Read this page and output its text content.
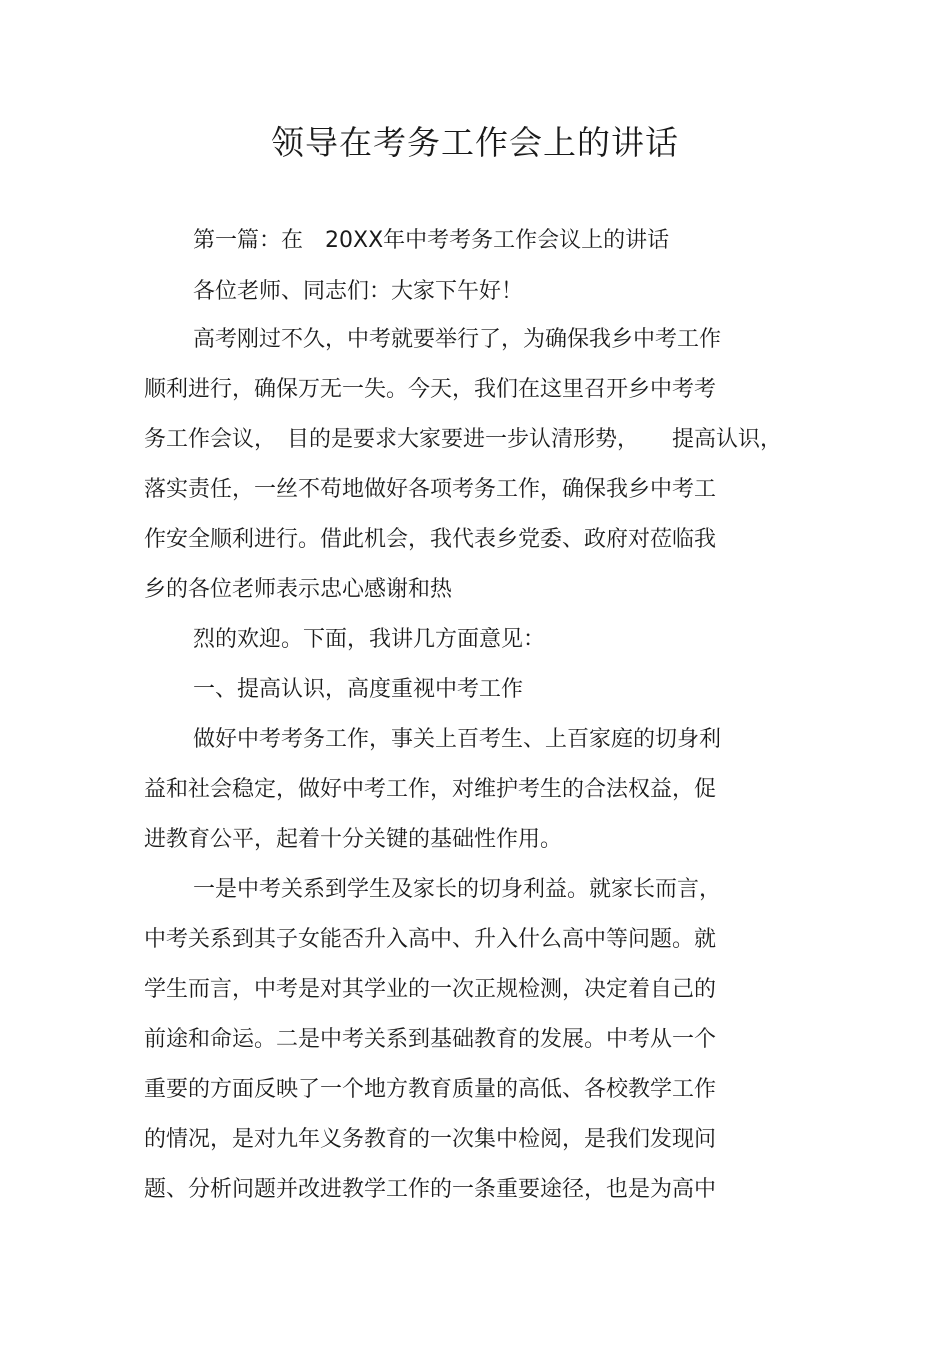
领导在考务工作会上的讲话
第一篇：在　20XX年中考考务工作会议上的讲话
各位老师、同志们：大家下午好！
高考刚过不久，中考就要举行了，为确保我乡中考工作
顺利进行，确保万无一失。今天，我们在这里召开乡中考考
务工作会议，　目的是要求大家要进一步认清形势，　　提高认识，
落实责任，一丝不苟地做好各项考务工作，确保我乡中考工
作安全顺利进行。借此机会，我代表乡党委、政府对莅临我
乡的各位老师表示忠心感谢和热
烈的欢迎。下面，我讲几方面意见：
一、提高认识，高度重视中考工作
做好中考考务工作，事关上百考生、上百家庭的切身利
益和社会稳定，做好中考工作，对维护考生的合法权益，促
进教育公平，起着十分关键的基础性作用。
一是中考关系到学生及家长的切身利益。就家长而言，
中考关系到其子女能否升入高中、升入什么高中等问题。就
学生而言，中考是对其学业的一次正规检测，决定着自己的
前途和命运。二是中考关系到基础教育的发展。中考从一个
重要的方面反映了一个地方教育质量的高低、各校教学工作
的情况，是对九年义务教育的一次集中检阅，是我们发现问
题、分析问题并改进教学工作的一条重要途径，也是为高中
